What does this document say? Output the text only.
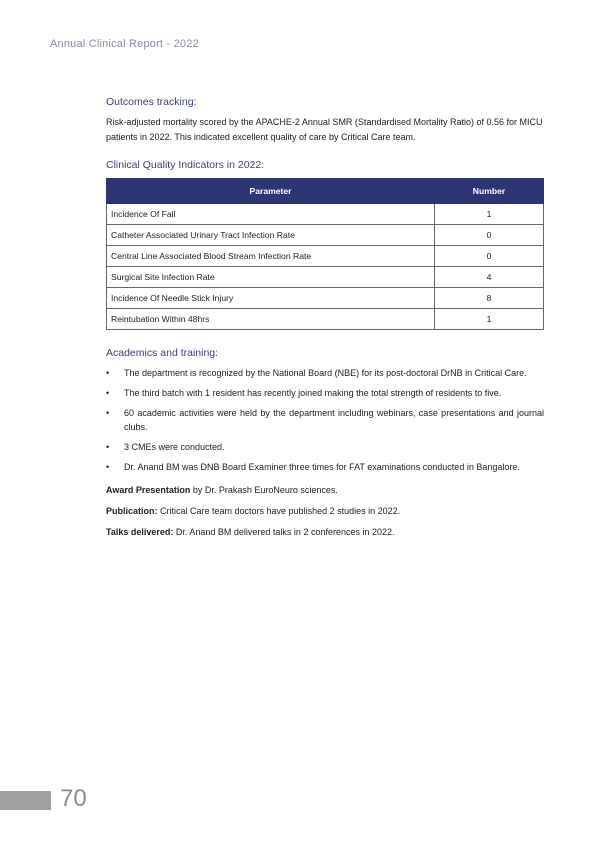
Annual Clinical Report - 2022
Outcomes tracking:

Risk-adjusted mortality scored by the APACHE-2 Annual SMR (Standardised Mortality Ratio) of 0.56 for MICU patients in 2022. This indicated excellent quality of care by Critical Care team.

Clinical Quality Indicators in 2022:
Parameter	Number
Incidence Of Fall	1
Catheter Associated Urinary Tract Infection Rate	0
Central Line Associated Blood Stream Infection Rate	0
Surgical Site Infection Rate	4
Incidence Of Needle Stick Injury	8
Reintubation Within 48hrs	1
Academics and training:
• The department is recognized by the National Board (NBE) for its post-doctoral DrNB in Critical Care.
• The third batch with 1 resident has recently joined making the total strength of residents to five.
• 60 academic activities were held by the department including webinars, case presentations and journal clubs.
• 3 CMEs were conducted.
• Dr. Anand BM was DNB Board Examiner three times for FAT examinations conducted in Bangalore.

Award Presentation by Dr. Prakash EuroNeuro sciences.

Publication: Critical Care team doctors have published 2 studies in 2022.

Talks delivered: Dr. Anand BM delivered talks in 2 conferences in 2022.

70
